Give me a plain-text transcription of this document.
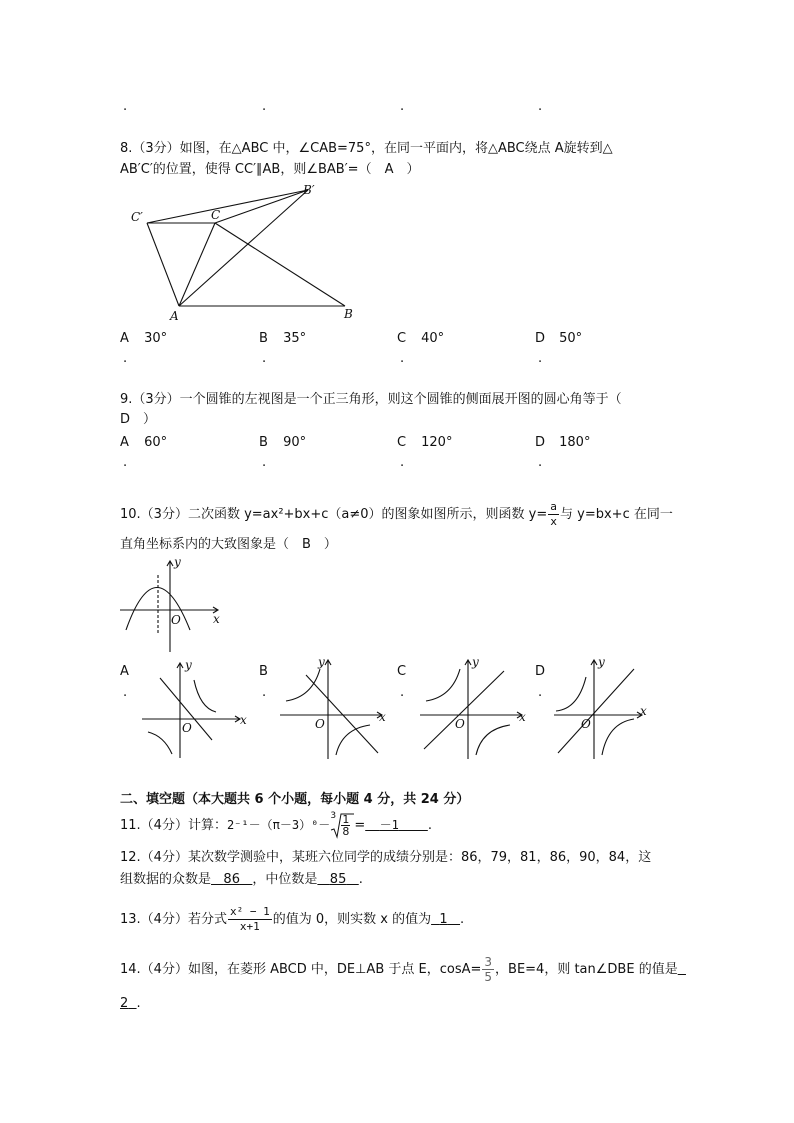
.	.	.	.
8.（3分）如图，在△ABC 中，∠CAB=75°，在同一平面内，将△ABC绕点 A旋转到△
AB′C′的位置，使得 CC′∥AB，则∠BAB′=（　A　）
C′	C
B′
A	B
A 30°	B 35°	C 40°	D 50°
.	.	.	.
9.（3分）一个圆锥的左视图是一个正三角形，则这个圆锥的侧面展开图的圆心角等于（
D　）
A 60°	B 90°	C 120°	D 180°
.	.	.	.
10.（3分）二次函数 y=ax²+bx+c（a≠0）的图象如图所示，则函数 $y= \frac{a}{x}$ 与 y=bx+c 在同一
直角坐标系内的大致图象是（　B　）
x
y
O
A	B	C	D
.	.	.	.
x
y
O
x
y
O	x
y
O
x
y
O
二、填空题（本大题共 6 个小题，每小题 4 分，共 24 分）
11.（4分）计算：2⁻¹－（π－3）⁰－
$3 \frac{1}{8} = -1$ .
12.（4分）某次数学测验中，某班六位同学的成绩分别是：86，79，81，86，90，84，这
组数据的众数是 86 ，中位数是 85 .
13.（4分）若分式 $\frac{\text{x² − 1}}{x+1}$ 的值为 0，则实数 x 的值为 1 .
14.（4分）如图，在菱形 ABCD 中，DE⊥AB 于点 E，$\cos A= \frac{3}{5}$ ，BE=4，则 tan∠DBE 的值是
2 .
